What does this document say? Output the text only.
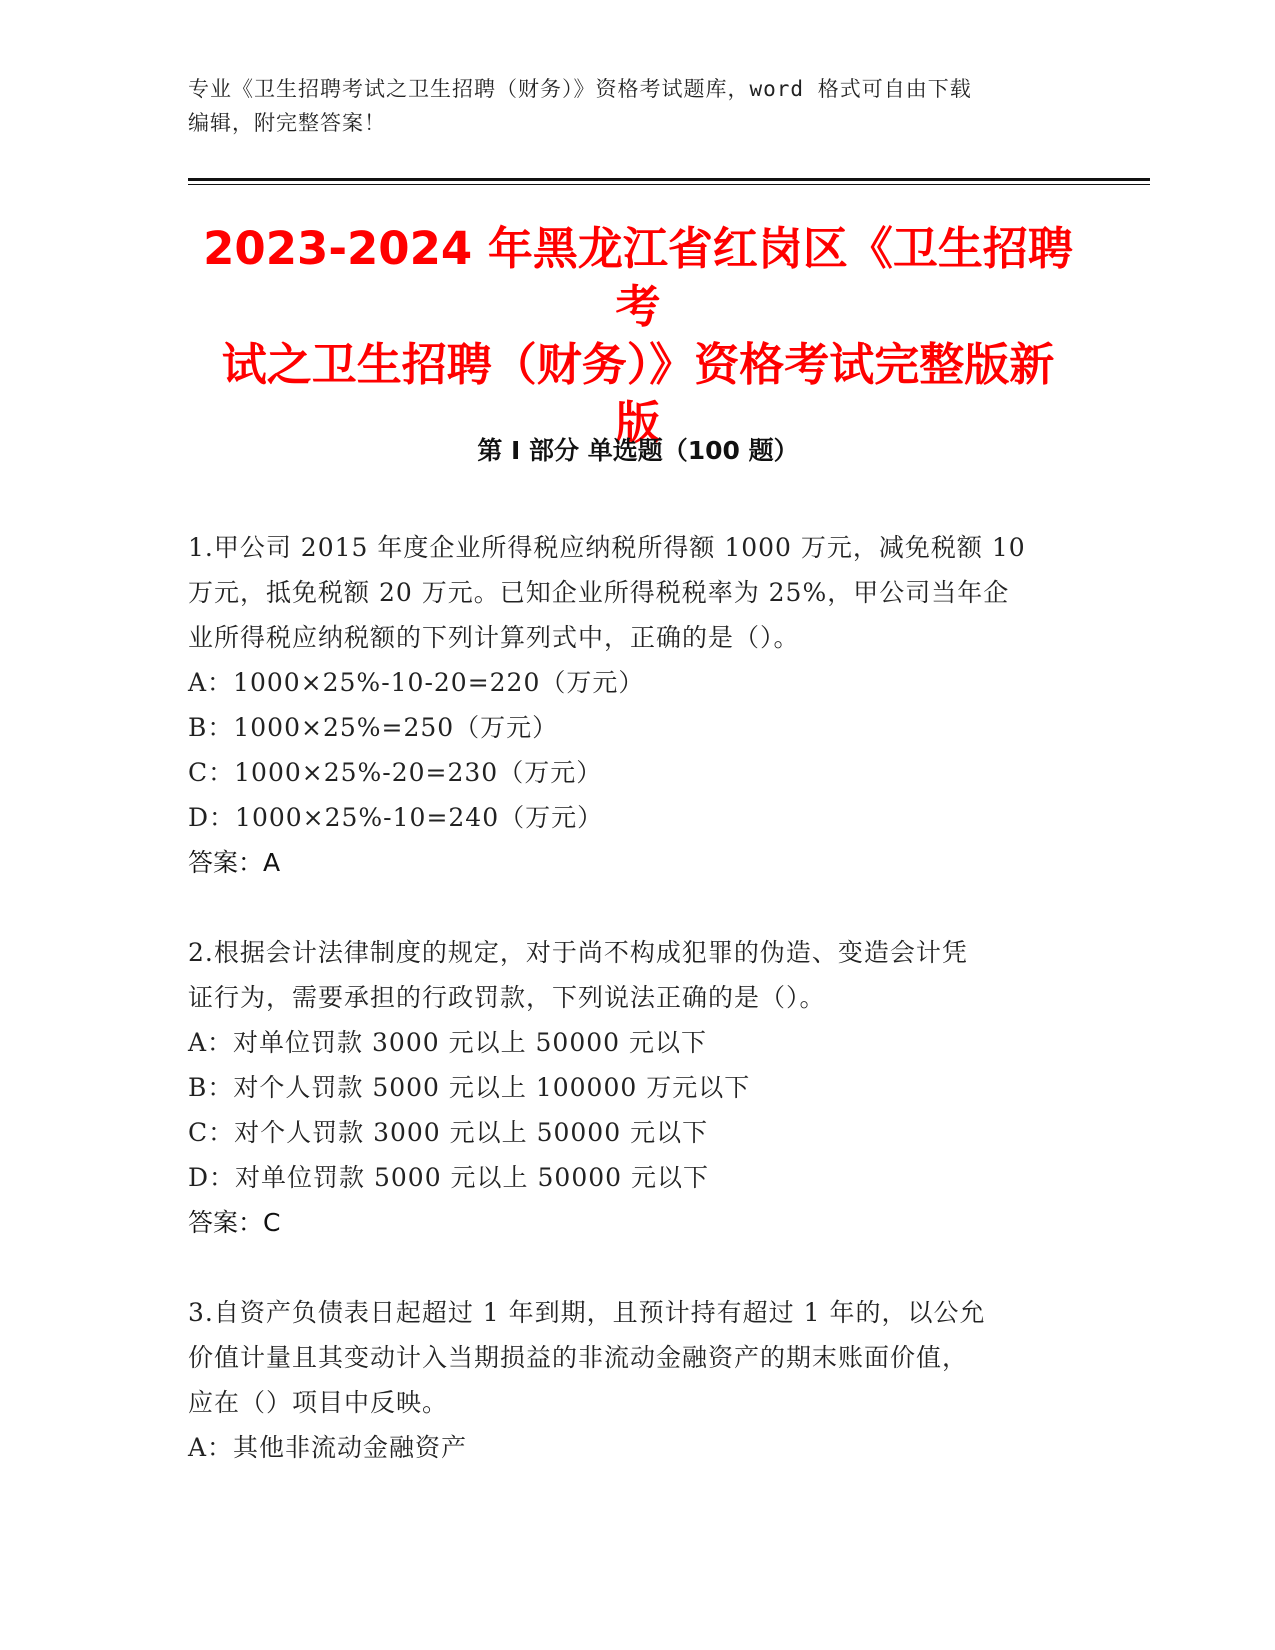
专业《卫生招聘考试之卫生招聘（财务）》资格考试题库，word 格式可自由下载
编辑，附完整答案！
2023-2024 年黑龙江省红岗区《卫生招聘考
试之卫生招聘（财务）》资格考试完整版新
版
第 I 部分 单选题（100 题）

1.甲公司 2015 年度企业所得税应纳税所得额 1000 万元，减免税额 10

万元，抵免税额 20 万元。已知企业所得税税率为 25%，甲公司当年企

业所得税应纳税额的下列计算列式中，正确的是（）。

A：1000×25%-10-20=220（万元）

B：1000×25%=250（万元）

C：1000×25%-20=230（万元）

D：1000×25%-10=240（万元）

答案：A

2.根据会计法律制度的规定，对于尚不构成犯罪的伪造、变造会计凭

证行为，需要承担的行政罚款，下列说法正确的是（）。

A：对单位罚款 3000 元以上 50000 元以下

B：对个人罚款 5000 元以上 100000 万元以下

C：对个人罚款 3000 元以上 50000 元以下

D：对单位罚款 5000 元以上 50000 元以下

答案：C

3.自资产负债表日起超过 1 年到期，且预计持有超过 1 年的，以公允

价值计量且其变动计入当期损益的非流动金融资产的期末账面价值，

应在（）项目中反映。

A：其他非流动金融资产
